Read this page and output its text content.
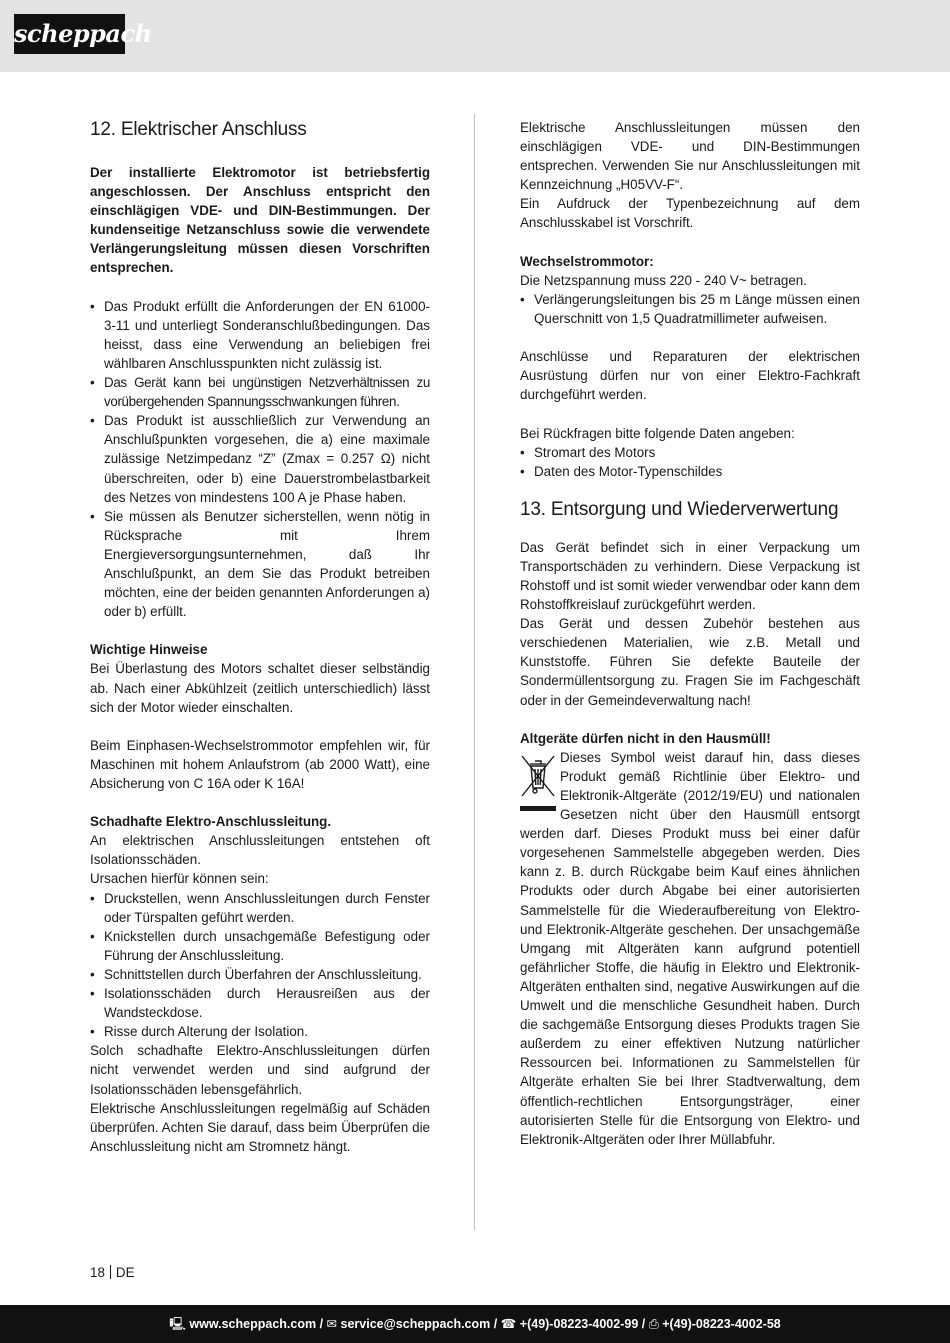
scheppach
12. Elektrischer Anschluss

Der installierte Elektromotor ist betriebsfertig angeschlossen. Der Anschluss entspricht den einschlägigen VDE- und DIN-Bestimmungen. Der kundenseitige Netzanschluss sowie die verwendete Verlängerungsleitung müssen diesen Vorschriften entsprechen.

• Das Produkt erfüllt die Anforderungen der EN 61000-3-11 und unterliegt Sonderanschlußbedingungen. Das heisst, dass eine Verwendung an beliebigen frei wählbaren Anschlusspunkten nicht zulässig ist.
• Das Gerät kann bei ungünstigen Netzverhältnissen zu vorübergehenden Spannungsschwankungen führen.
• Das Produkt ist ausschließlich zur Verwendung an Anschlußpunkten vorgesehen, die a) eine maximale zulässige Netzimpedanz “Z” (Zmax = 0.257 Ω) nicht überschreiten, oder b) eine Dauerstrombelastbarkeit des Netzes von mindestens 100 A je Phase haben.
• Sie müssen als Benutzer sicherstellen, wenn nötig in Rücksprache mit Ihrem Energieversorgungsunternehmen, daß Ihr Anschlußpunkt, an dem Sie das Produkt betreiben möchten, eine der beiden genannten Anforderungen a) oder b) erfüllt.

Wichtige Hinweise

Bei Überlastung des Motors schaltet dieser selbständig ab. Nach einer Abkühlzeit (zeitlich unterschiedlich) lässt sich der Motor wieder einschalten.

Beim Einphasen-Wechselstrommotor empfehlen wir, für Maschinen mit hohem Anlaufstrom (ab 2000 Watt), eine Absicherung von C 16A oder K 16A!

Schadhafte Elektro-Anschlussleitung.

An elektrischen Anschlussleitungen entstehen oft Isolationsschäden.

Ursachen hierfür können sein:

• Druckstellen, wenn Anschlussleitungen durch Fenster oder Türspalten geführt werden.
• Knickstellen durch unsachgemäße Befestigung oder Führung der Anschlussleitung.
• Schnittstellen durch Überfahren der Anschlussleitung.
• Isolationsschäden durch Herausreißen aus der Wandsteckdose.
• Risse durch Alterung der Isolation.

Solch schadhafte Elektro-Anschlussleitungen dürfen nicht verwendet werden und sind aufgrund der Isolationsschäden lebensgefährlich.

Elektrische Anschlussleitungen regelmäßig auf Schäden überprüfen. Achten Sie darauf, dass beim Überprüfen die Anschlussleitung nicht am Stromnetz hängt.

Elektrische Anschlussleitungen müssen den einschlägigen VDE- und DIN-Bestimmungen entsprechen. Verwenden Sie nur Anschlussleitungen mit Kennzeichnung „H05VV-F“.

Ein Aufdruck der Typenbezeichnung auf dem Anschlusskabel ist Vorschrift.

Wechselstrommotor:

Die Netzspannung muss 220 - 240 V~ betragen.

• Verlängerungsleitungen bis 25 m Länge müssen einen Querschnitt von 1,5 Quadratmillimeter aufweisen.

Anschlüsse und Reparaturen der elektrischen Ausrüstung dürfen nur von einer Elektro-Fachkraft durchgeführt werden.

Bei Rückfragen bitte folgende Daten angeben:

• Stromart des Motors
• Daten des Motor-Typenschildes
13. Entsorgung und Wiederverwertung

Das Gerät befindet sich in einer Verpackung um Transportschäden zu verhindern. Diese Verpackung ist Rohstoff und ist somit wieder verwendbar oder kann dem Rohstoffkreislauf zurückgeführt werden.

Das Gerät und dessen Zubehör bestehen aus verschiedenen Materialien, wie z.B. Metall und Kunststoffe. Führen Sie defekte Bauteile der Sondermüllentsorgung zu. Fragen Sie im Fachgeschäft oder in der Gemeindeverwaltung nach!

Altgeräte dürfen nicht in den Hausmüll!

Dieses Symbol weist darauf hin, dass dieses Produkt gemäß Richtlinie über Elektro- und Elektronik-Altgeräte (2012/19/EU) und nationalen Gesetzen nicht über den Hausmüll entsorgt werden darf. Dieses Produkt muss bei einer dafür vorgesehenen Sammelstelle abgegeben werden. Dies kann z. B. durch Rückgabe beim Kauf eines ähnlichen Produkts oder durch Abgabe bei einer autorisierten Sammelstelle für die Wiederaufbereitung von Elektro- und Elektronik-Altgeräte geschehen. Der unsachgemäße Umgang mit Altgeräten kann aufgrund potentiell gefährlicher Stoffe, die häufig in Elektro und Elektronik-Altgeräten enthalten sind, negative Auswirkungen auf die Umwelt und die menschliche Gesundheit haben. Durch die sachgemäße Entsorgung dieses Produkts tragen Sie außerdem zu einer effektiven Nutzung natürlicher Ressourcen bei. Informationen zu Sammelstellen für Altgeräte erhalten Sie bei Ihrer Stadtverwaltung, dem öffentlich-rechtlichen Entsorgungsträger, einer autorisierten Stelle für die Entsorgung von Elektro- und Elektronik-Altgeräten oder Ihrer Müllabfuhr.

18 DE
🖳 www.scheppach.com / ✉ service@scheppach.com / ☎ +(49)-08223-4002-99 / ⎙ +(49)-08223-4002-58
